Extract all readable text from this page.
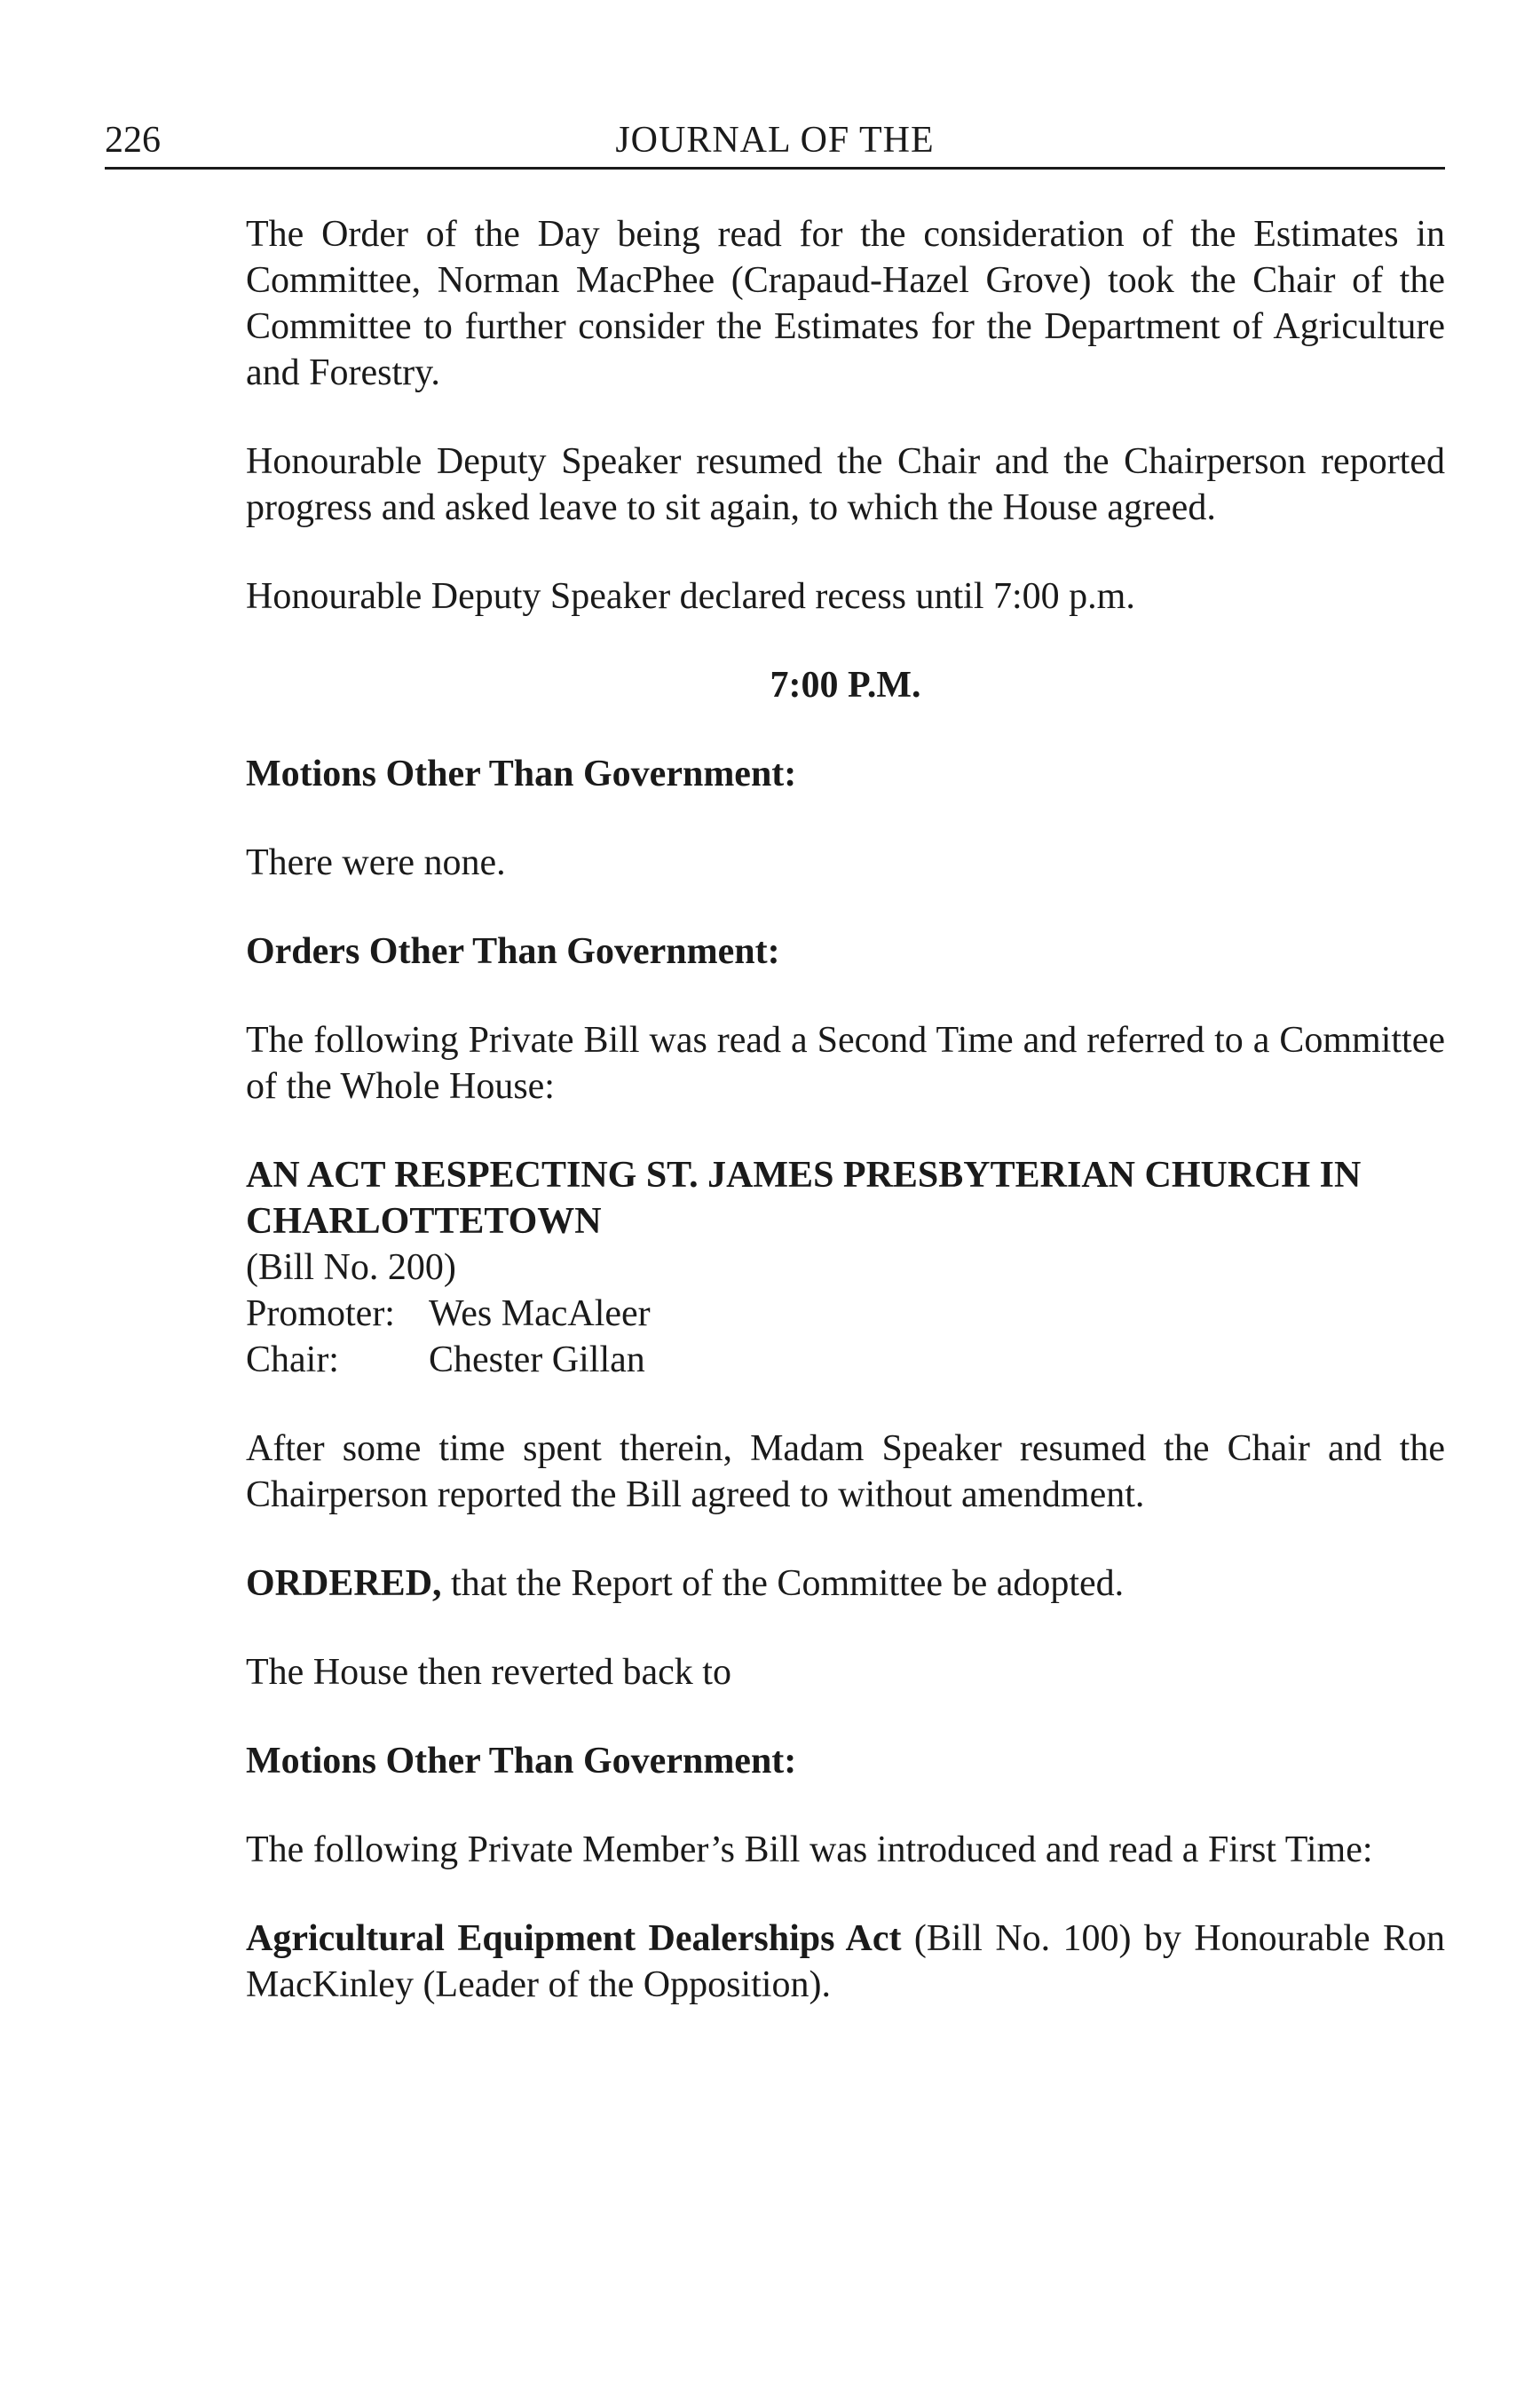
226	JOURNAL OF THE

The Order of the Day being read for the consideration of the Estimates in Committee, Norman MacPhee (Crapaud-Hazel Grove) took the Chair of the Committee to further consider the Estimates for the Department of Agriculture and Forestry.

Honourable Deputy Speaker resumed the Chair and the Chairperson reported progress and asked leave to sit again, to which the House agreed.

Honourable Deputy Speaker declared recess until 7:00 p.m.

7:00 P.M.

Motions Other Than Government:

There were none.

Orders Other Than Government:

The following Private Bill was read a Second Time and referred to a Committee of the Whole House:

AN ACT RESPECTING ST. JAMES PRESBYTERIAN CHURCH IN CHARLOTTETOWN

(Bill No. 200)
Promoter: Wes MacAleer
Chair:	Chester Gillan

After some time spent therein, Madam Speaker resumed the Chair and the Chairperson reported the Bill agreed to without amendment.

ORDERED, that the Report of the Committee be adopted.

The House then reverted back to

Motions Other Than Government:

The following Private Member’s Bill was introduced and read a First Time:

Agricultural Equipment Dealerships Act (Bill No. 100) by Honourable Ron MacKinley (Leader of the Opposition).
